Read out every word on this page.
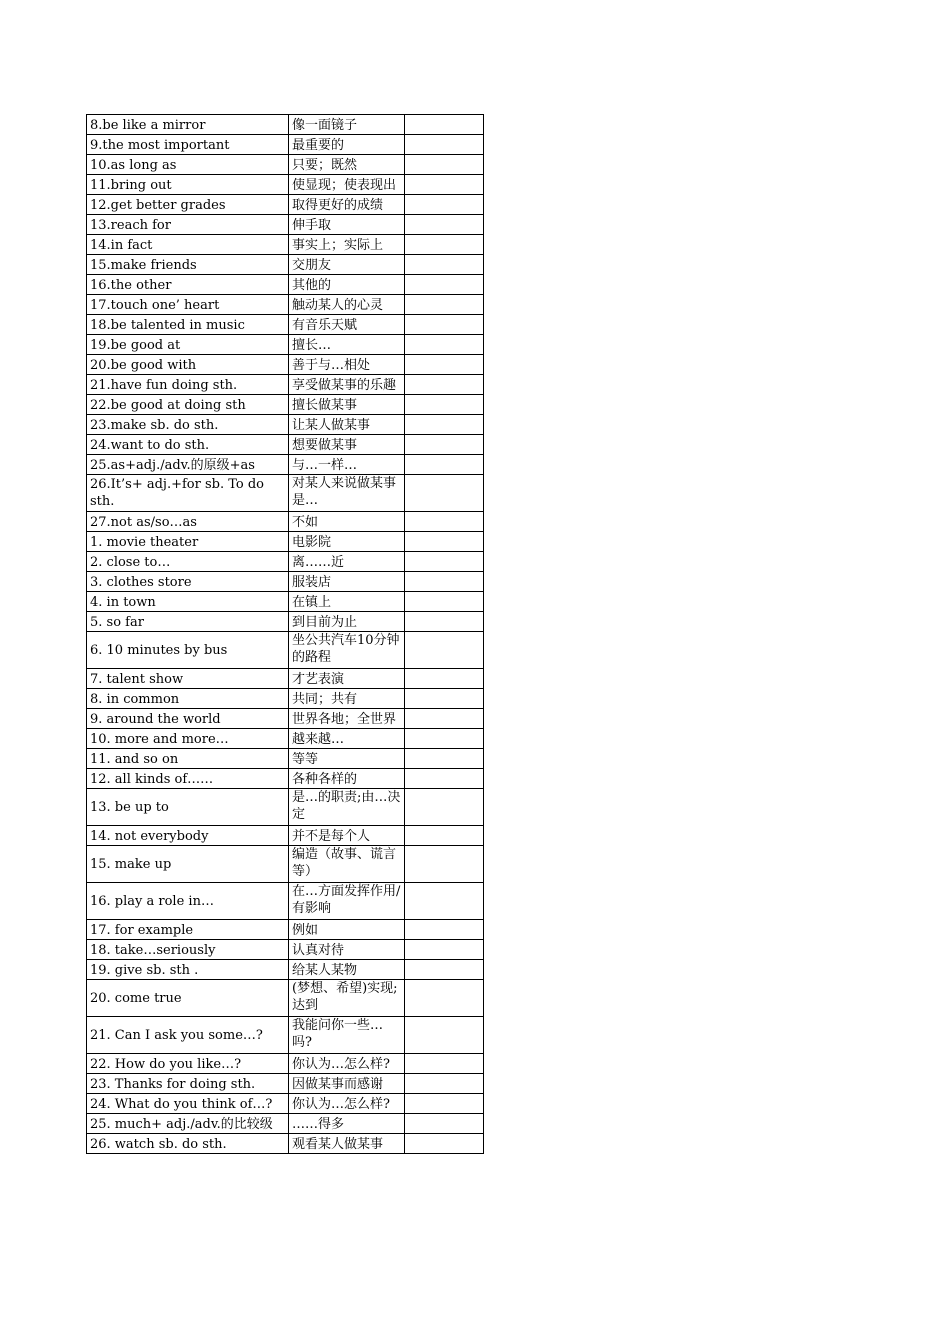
8.be like a mirror	像一面镜子	

9.the most important	最重要的	

10.as long as	只要；既然	

11.bring out	使显现；使表现出	

12.get better grades	取得更好的成绩	

13.reach for	伸手取	

14.in fact	事实上；实际上	

15.make friends	交朋友	

16.the other	其他的	

17.touch one’ heart	触动某人的心灵	

18.be talented in music	有音乐天赋	

19.be good at	擅长…	

20.be good with	善于与…相处	

21.have fun doing sth.	享受做某事的乐趣	

22.be good at doing sth	擅长做某事	

23.make sb. do sth.	让某人做某事	

24.want to do sth.	想要做某事	

25.as+adj./adv.的原级+as	与…一样…	

26.It’s+ adj.+for sb. To do sth.	对某人来说做某事是…	

27.not as/so…as	不如	

1. movie theater	电影院	

2. close to…	离……近	

3. clothes store	服装店	

4. in town	在镇上	

5. so far	到目前为止	

6. 10 minutes by bus	坐公共汽车10分钟的路程	

7. talent show	才艺表演	

8. in common	共同；共有	

9. around the world	世界各地；全世界	

10. more and more…	越来越…	

11. and so on	等等	

12. all kinds of……	各种各样的	

13. be up to	是…的职责;由…决定	

14. not everybody	并不是每个人	

15. make up	编造（故事、谎言等）	

16. play a role in…	在…方面发挥作用/有影响	

17. for example	例如	

18. take…seriously	认真对待	

19. give sb. sth .	给某人某物	

20. come true	(梦想、希望)实现;达到	

21. Can I ask you some…?	我能问你一些…吗?	

22. How do you like…?	你认为…怎么样?	

23. Thanks for doing sth.	因做某事而感谢	

24. What do you think of…?	你认为…怎么样?	

25. much+ adj./adv.的比较级	……得多	

26. watch sb. do sth.	观看某人做某事	
